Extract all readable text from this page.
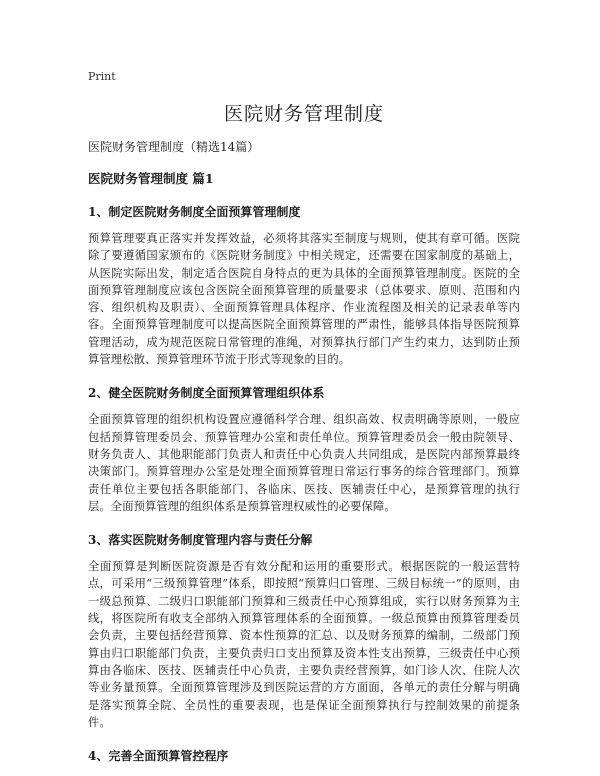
Print
医院财务管理制度
医院财务管理制度（精选14篇）
医院财务管理制度 篇1
1、制定医院财务制度全面预算管理制度

预算管理要真正落实并发挥效益，必须将其落实至制度与规则，使其有章可循。医院除了要遵循国家颁布的《医院财务制度》中相关规定，还需要在国家制度的基础上，从医院实际出发，制定适合医院自身特点的更为具体的全面预算管理制度。医院的全面预算管理制度应该包含医院全面预算管理的质量要求（总体要求、原则、范围和内容、组织机构及职责）、全面预算管理具体程序、作业流程图及相关的记录表单等内容。全面预算管理制度可以提高医院全面预算管理的严肃性，能够具体指导医院预算管理活动，成为规范医院日常管理的准绳，对预算执行部门产生约束力，达到防止预算管理松散、预算管理环节流于形式等现象的目的。

2、健全医院财务制度全面预算管理组织体系

全面预算管理的组织机构设置应遵循科学合理、组织高效、权责明确等原则，一般应包括预算管理委员会、预算管理办公室和责任单位。预算管理委员会一般由院领导、财务负责人、其他职能部门负责人和责任中心负责人共同组成，是医院内部预算最终决策部门。预算管理办公室是处理全面预算管理日常运行事务的综合管理部门。预算责任单位主要包括各职能部门、各临床、医技、医辅责任中心，是预算管理的执行层。全面预算管理的组织体系是预算管理权威性的必要保障。

3、落实医院财务制度管理内容与责任分解

全面预算是判断医院资源是否有效分配和运用的重要形式。根据医院的一般运营特点，可采用“三级预算管理”体系，即按照“预算归口管理、三级目标统一”的原则，由一级总预算、二级归口职能部门预算和三级责任中心预算组成，实行以财务预算为主线，将医院所有收支全部纳入预算管理体系的全面预算。一级总预算由预算管理委员会负责，主要包括经营预算、资本性预算的汇总、以及财务预算的编制，二级部门预算由归口职能部门负责，主要负责归口支出预算及资本性支出预算，三级责任中心预算由各临床、医技、医辅责任中心负责，主要负责经营预算，如门诊人次、住院人次等业务量预算。全面预算管理涉及到医院运营的方方面面，各单元的责任分解与明确是落实预算全院、全员性的重要表现，也是保证全面预算执行与控制效果的前提条件。

4、完善全面预算管控程序
